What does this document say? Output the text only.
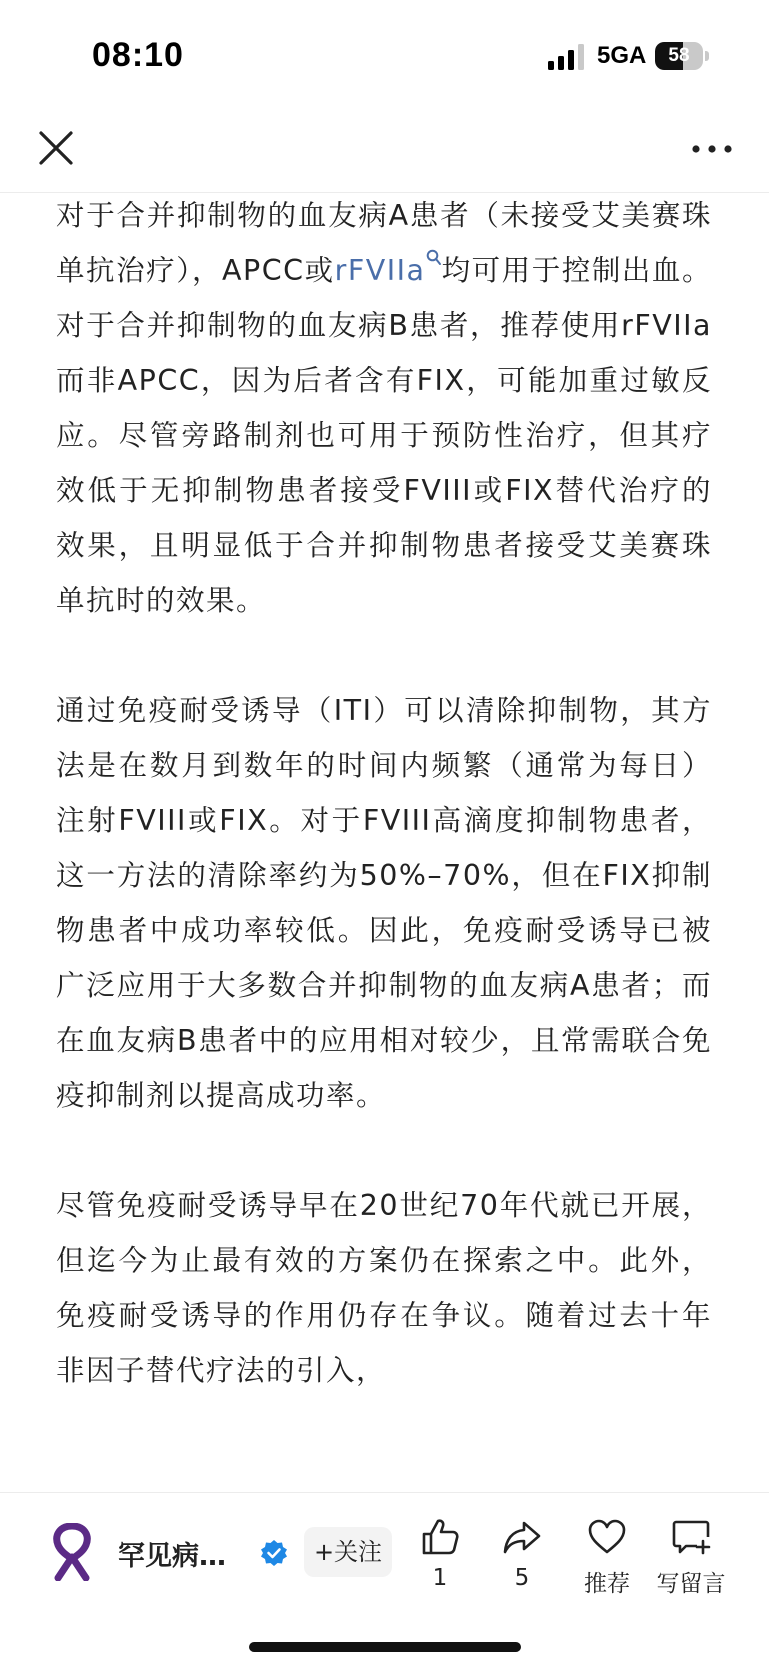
08:10	5GA	58

对于合并抑制物的血友病A患者（未接受艾美赛珠单抗治疗），APCC或rFVIIa 均可用于控制出血。对于合并抑制物的血友病B患者，推荐使用rFVIIa而非APCC，因为后者含有FIX，可能加重过敏反应。尽管旁路制剂也可用于预防性治疗，但其疗效低于无抑制物患者接受FVIII或FIX替代治疗的效果，且明显低于合并抑制物患者接受艾美赛珠单抗时的效果。

通过免疫耐受诱导（ITI）可以清除抑制物，其方法是在数月到数年的时间内频繁（通常为每日）注射FVIII或FIX。对于FVIII高滴度抑制物患者，这一方法的清除率约为50%–70%，但在FIX抑制物患者中成功率较低。因此，免疫耐受诱导已被广泛应用于大多数合并抑制物的血友病A患者；而在血友病B患者中的应用相对较少，且常需联合免疫抑制剂以提高成功率。

尽管免疫耐受诱导早在20世纪70年代就已开展，但迄今为止最有效的方案仍在探索之中。此外，免疫耐受诱导的作用仍存在争议。随着过去十年非因子替代疗法的引入，

罕见病…	+关注
1	5	推荐	写留言
